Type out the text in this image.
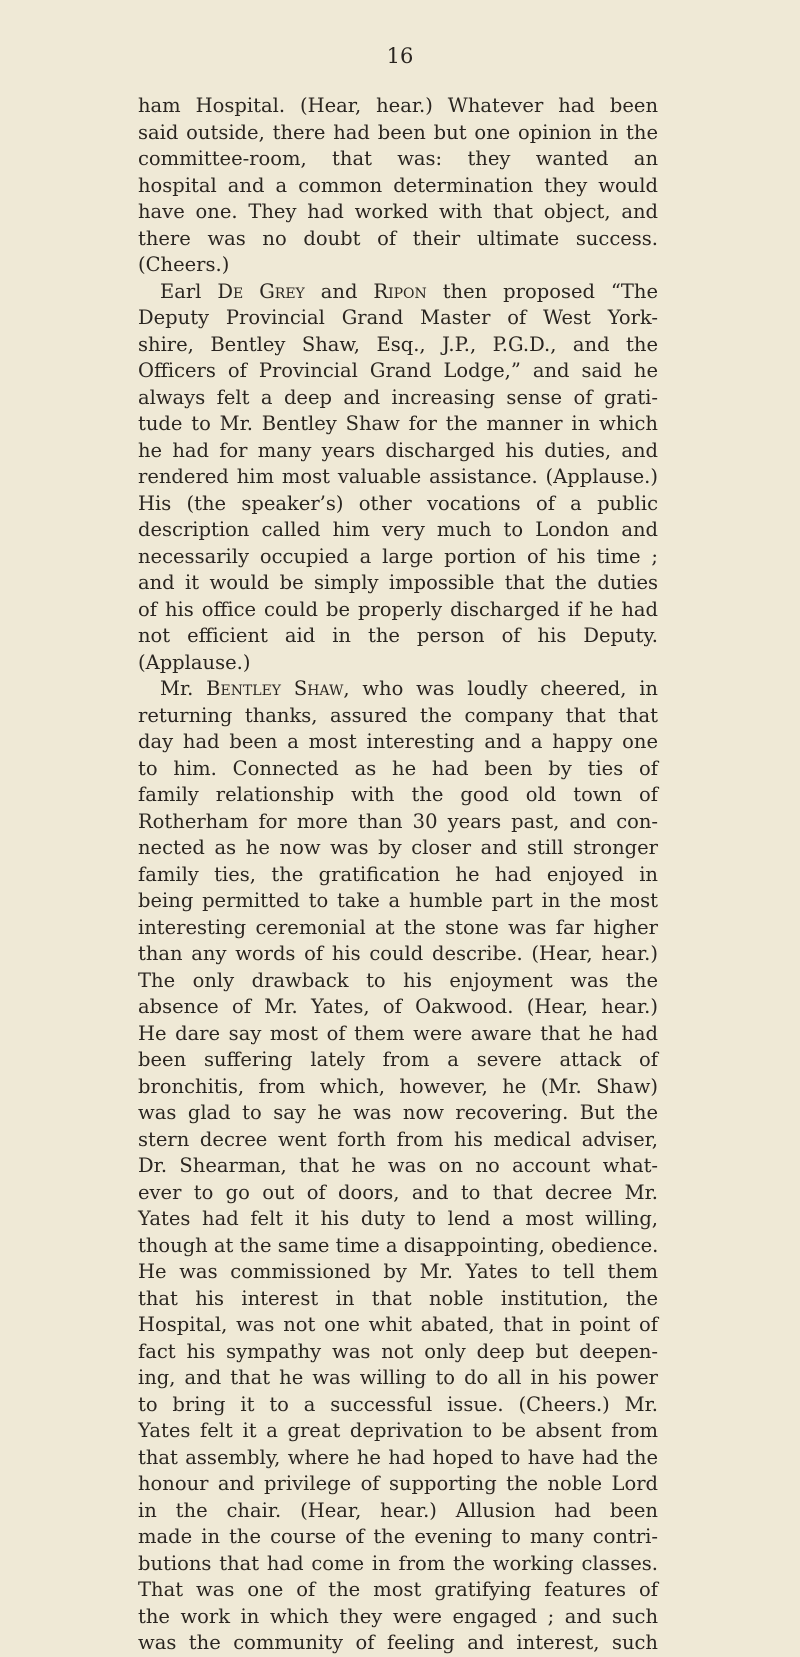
16
ham Hospital. (Hear, hear.) Whatever had been
said outside, there had been but one opinion in the
committee-room, that was: they wanted an
hospital and a common determination they would
have one. They had worked with that object, and
there was no doubt of their ultimate success.
(Cheers.)
Earl De Grey and Ripon then proposed “The
Deputy Provincial Grand Master of West York-
shire, Bentley Shaw, Esq., J.P., P.G.D., and the
Officers of Provincial Grand Lodge,” and said he
always felt a deep and increasing sense of grati-
tude to Mr. Bentley Shaw for the manner in which
he had for many years discharged his duties, and
rendered him most valuable assistance. (Applause.)
His (the speaker’s) other vocations of a public
description called him very much to London and
necessarily occupied a large portion of his time ;
and it would be simply impossible that the duties
of his office could be properly discharged if he had
not efficient aid in the person of his Deputy.
(Applause.)
Mr. Bentley Shaw, who was loudly cheered, in
returning thanks, assured the company that that
day had been a most interesting and a happy one
to him. Connected as he had been by ties of
family relationship with the good old town of
Rotherham for more than 30 years past, and con-
nected as he now was by closer and still stronger
family ties, the gratification he had enjoyed in
being permitted to take a humble part in the most
interesting ceremonial at the stone was far higher
than any words of his could describe. (Hear, hear.)
The only drawback to his enjoyment was the
absence of Mr. Yates, of Oakwood. (Hear, hear.)
He dare say most of them were aware that he had
been suffering lately from a severe attack of
bronchitis, from which, however, he (Mr. Shaw)
was glad to say he was now recovering. But the
stern decree went forth from his medical adviser,
Dr. Shearman, that he was on no account what-
ever to go out of doors, and to that decree Mr.
Yates had felt it his duty to lend a most willing,
though at the same time a disappointing, obedience.
He was commissioned by Mr. Yates to tell them
that his interest in that noble institution, the
Hospital, was not one whit abated, that in point of
fact his sympathy was not only deep but deepen-
ing, and that he was willing to do all in his power
to bring it to a successful issue. (Cheers.) Mr.
Yates felt it a great deprivation to be absent from
that assembly, where he had hoped to have had the
honour and privilege of supporting the noble Lord
in the chair. (Hear, hear.) Allusion had been
made in the course of the evening to many contri-
butions that had come in from the working classes.
That was one of the most gratifying features of
the work in which they were engaged ; and such
was the community of feeling and interest, such
